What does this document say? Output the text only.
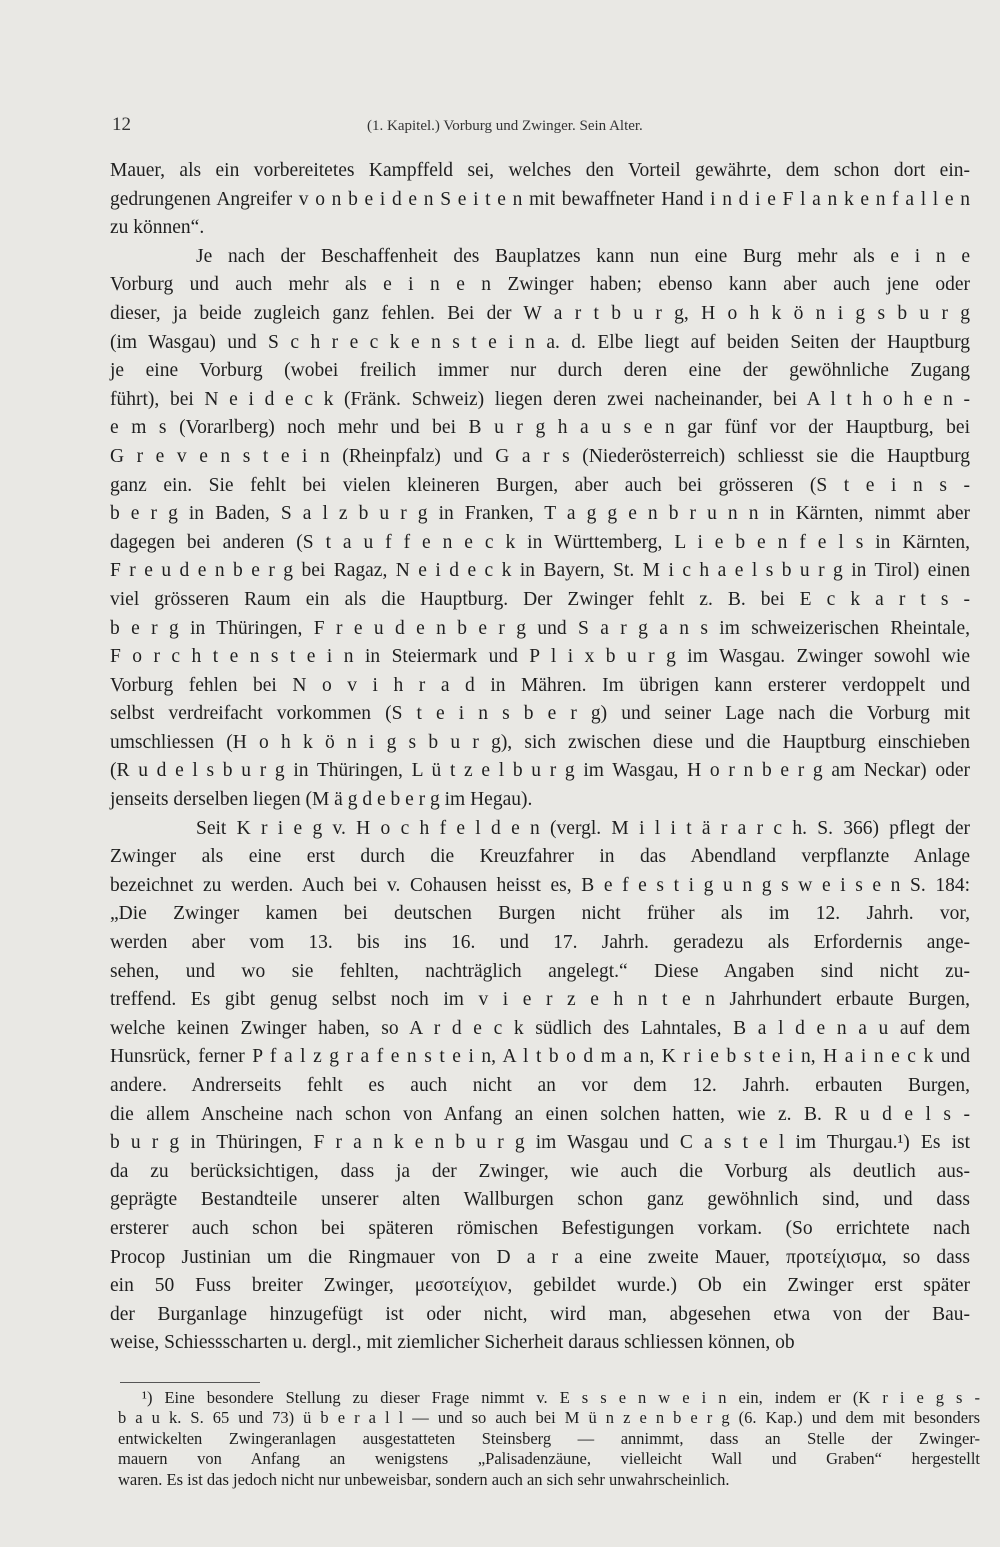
12	(1. Kapitel.) Vorburg und Zwinger. Sein Alter.
Mauer, als ein vorbereitetes Kampffeld sei, welches den Vorteil gewährte, dem schon dort ein-
gedrungenen Angreifer v o n b e i d e n S e i t e n mit bewaffneter Hand i n d i e F l a n k e n f a l l e n
zu können“.
Je nach der Beschaffenheit des Bauplatzes kann nun eine Burg mehr als e i n e
Vorburg und auch mehr als e i n e n Zwinger haben; ebenso kann aber auch jene oder
dieser, ja beide zugleich ganz fehlen. Bei der W a r t b u r g, H o h k ö n i g s b u r g
(im Wasgau) und S c h r e c k e n s t e i n a. d. Elbe liegt auf beiden Seiten der Hauptburg
je eine Vorburg (wobei freilich immer nur durch deren eine der gewöhnliche Zugang
führt), bei N e i d e c k (Fränk. Schweiz) liegen deren zwei nacheinander, bei A l t h o h e n -
e m s (Vorarlberg) noch mehr und bei B u r g h a u s e n gar fünf vor der Hauptburg, bei
G r e v e n s t e i n (Rheinpfalz) und G a r s (Niederösterreich) schliesst sie die Hauptburg
ganz ein. Sie fehlt bei vielen kleineren Burgen, aber auch bei grösseren (S t e i n s -
b e r g in Baden, S a l z b u r g in Franken, T a g g e n b r u n n in Kärnten, nimmt aber
dagegen bei anderen (S t a u f f e n e c k in Württemberg, L i e b e n f e l s in Kärnten,
F r e u d e n b e r g bei Ragaz, N e i d e c k in Bayern, St. M i c h a e l s b u r g in Tirol) einen
viel grösseren Raum ein als die Hauptburg. Der Zwinger fehlt z. B. bei E c k a r t s -
b e r g in Thüringen, F r e u d e n b e r g und S a r g a n s im schweizerischen Rheintale,
F o r c h t e n s t e i n in Steiermark und P l i x b u r g im Wasgau. Zwinger sowohl wie
Vorburg fehlen bei N o v i h r a d in Mähren. Im übrigen kann ersterer verdoppelt und
selbst verdreifacht vorkommen (S t e i n s b e r g) und seiner Lage nach die Vorburg mit
umschliessen (H o h k ö n i g s b u r g), sich zwischen diese und die Hauptburg einschieben
(R u d e l s b u r g in Thüringen, L ü t z e l b u r g im Wasgau, H o r n b e r g am Neckar) oder
jenseits derselben liegen (M ä g d e b e r g im Hegau).
Seit K r i e g v. H o c h f e l d e n (vergl. M i l i t ä r a r c h. S. 366) pflegt der
Zwinger als eine erst durch die Kreuzfahrer in das Abendland verpflanzte Anlage
bezeichnet zu werden. Auch bei v. Cohausen heisst es, B e f e s t i g u n g s w e i s e n S. 184:
„Die Zwinger kamen bei deutschen Burgen nicht früher als im 12. Jahrh. vor,
werden aber vom 13. bis ins 16. und 17. Jahrh. geradezu als Erfordernis ange-
sehen, und wo sie fehlten, nachträglich angelegt.“ Diese Angaben sind nicht zu-
treffend. Es gibt genug selbst noch im v i e r z e h n t e n Jahrhundert erbaute Burgen,
welche keinen Zwinger haben, so A r d e c k südlich des Lahntales, B a l d e n a u auf dem
Hunsrück, ferner P f a l z g r a f e n s t e i n, A l t b o d m a n, K r i e b s t e i n, H a i n e c k und
andere. Andrerseits fehlt es auch nicht an vor dem 12. Jahrh. erbauten Burgen,
die allem Anscheine nach schon von Anfang an einen solchen hatten, wie z. B. R u d e l s -
b u r g in Thüringen, F r a n k e n b u r g im Wasgau und C a s t e l im Thurgau.¹) Es ist
da zu berücksichtigen, dass ja der Zwinger, wie auch die Vorburg als deutlich aus-
geprägte Bestandteile unserer alten Wallburgen schon ganz gewöhnlich sind, und dass
ersterer auch schon bei späteren römischen Befestigungen vorkam. (So errichtete nach
Procop Justinian um die Ringmauer von D a r a eine zweite Mauer, προτείχισμα, so dass
ein 50 Fuss breiter Zwinger, μεσοτείχιον, gebildet wurde.) Ob ein Zwinger erst später
der Burganlage hinzugefügt ist oder nicht, wird man, abgesehen etwa von der Bau-
weise, Schiessscharten u. dergl., mit ziemlicher Sicherheit daraus schliessen können, ob
¹) Eine besondere Stellung zu dieser Frage nimmt v. E s s e n w e i n ein, indem er (K r i e g s -
b a u k. S. 65 und 73) ü b e r a l l — und so auch bei M ü n z e n b e r g (6. Kap.) und dem mit besonders
entwickelten Zwingeranlagen ausgestatteten Steinsberg — annimmt, dass an Stelle der Zwinger-
mauern von Anfang an wenigstens „Palisadenzäune, vielleicht Wall und Graben“ hergestellt
waren. Es ist das jedoch nicht nur unbeweisbar, sondern auch an sich sehr unwahrscheinlich.
